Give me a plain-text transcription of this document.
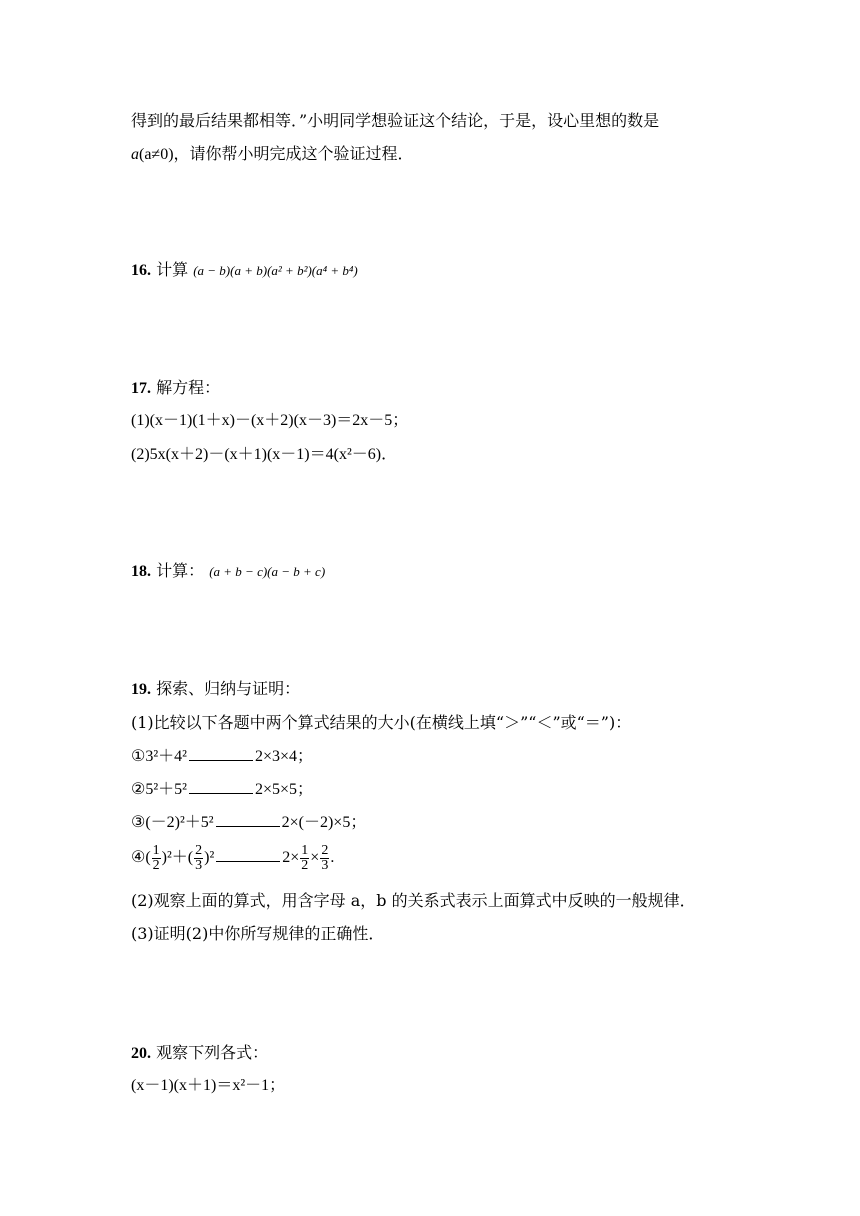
得到的最后结果都相等．”小明同学想验证这个结论，于是，设心里想的数是
a(a≠0)，请你帮小明完成这个验证过程．
16. 计算 (a − b)(a + b)(a² + b²)(a⁴ + b⁴)
17. 解方程：
(1)(x－1)(1＋x)－(x＋2)(x－3)＝2x－5；
(2)5x(x＋2)－(x＋1)(x－1)＝4(x²－6)．
18. 计算： (a + b − c)(a − b + c)
19. 探索、归纳与证明：
(1)比较以下各题中两个算式结果的大小(在横线上填“＞”“＜”或“＝”)：
①3²＋4²	2×3×4；
②5²＋5²	2×5×5；
③(－2)²＋5²	2×(－2)×5；
④( $\frac{1}{2} )^2+( \frac{2}{3} )^2$	$2\times \frac{1}{2} \times \frac{2}{3}$ .
(2)观察上面的算式，用含字母 a，b 的关系式表示上面算式中反映的一般规律．
(3)证明(2)中你所写规律的正确性．
20. 观察下列各式：
(x－1)(x＋1)＝x²－1；
